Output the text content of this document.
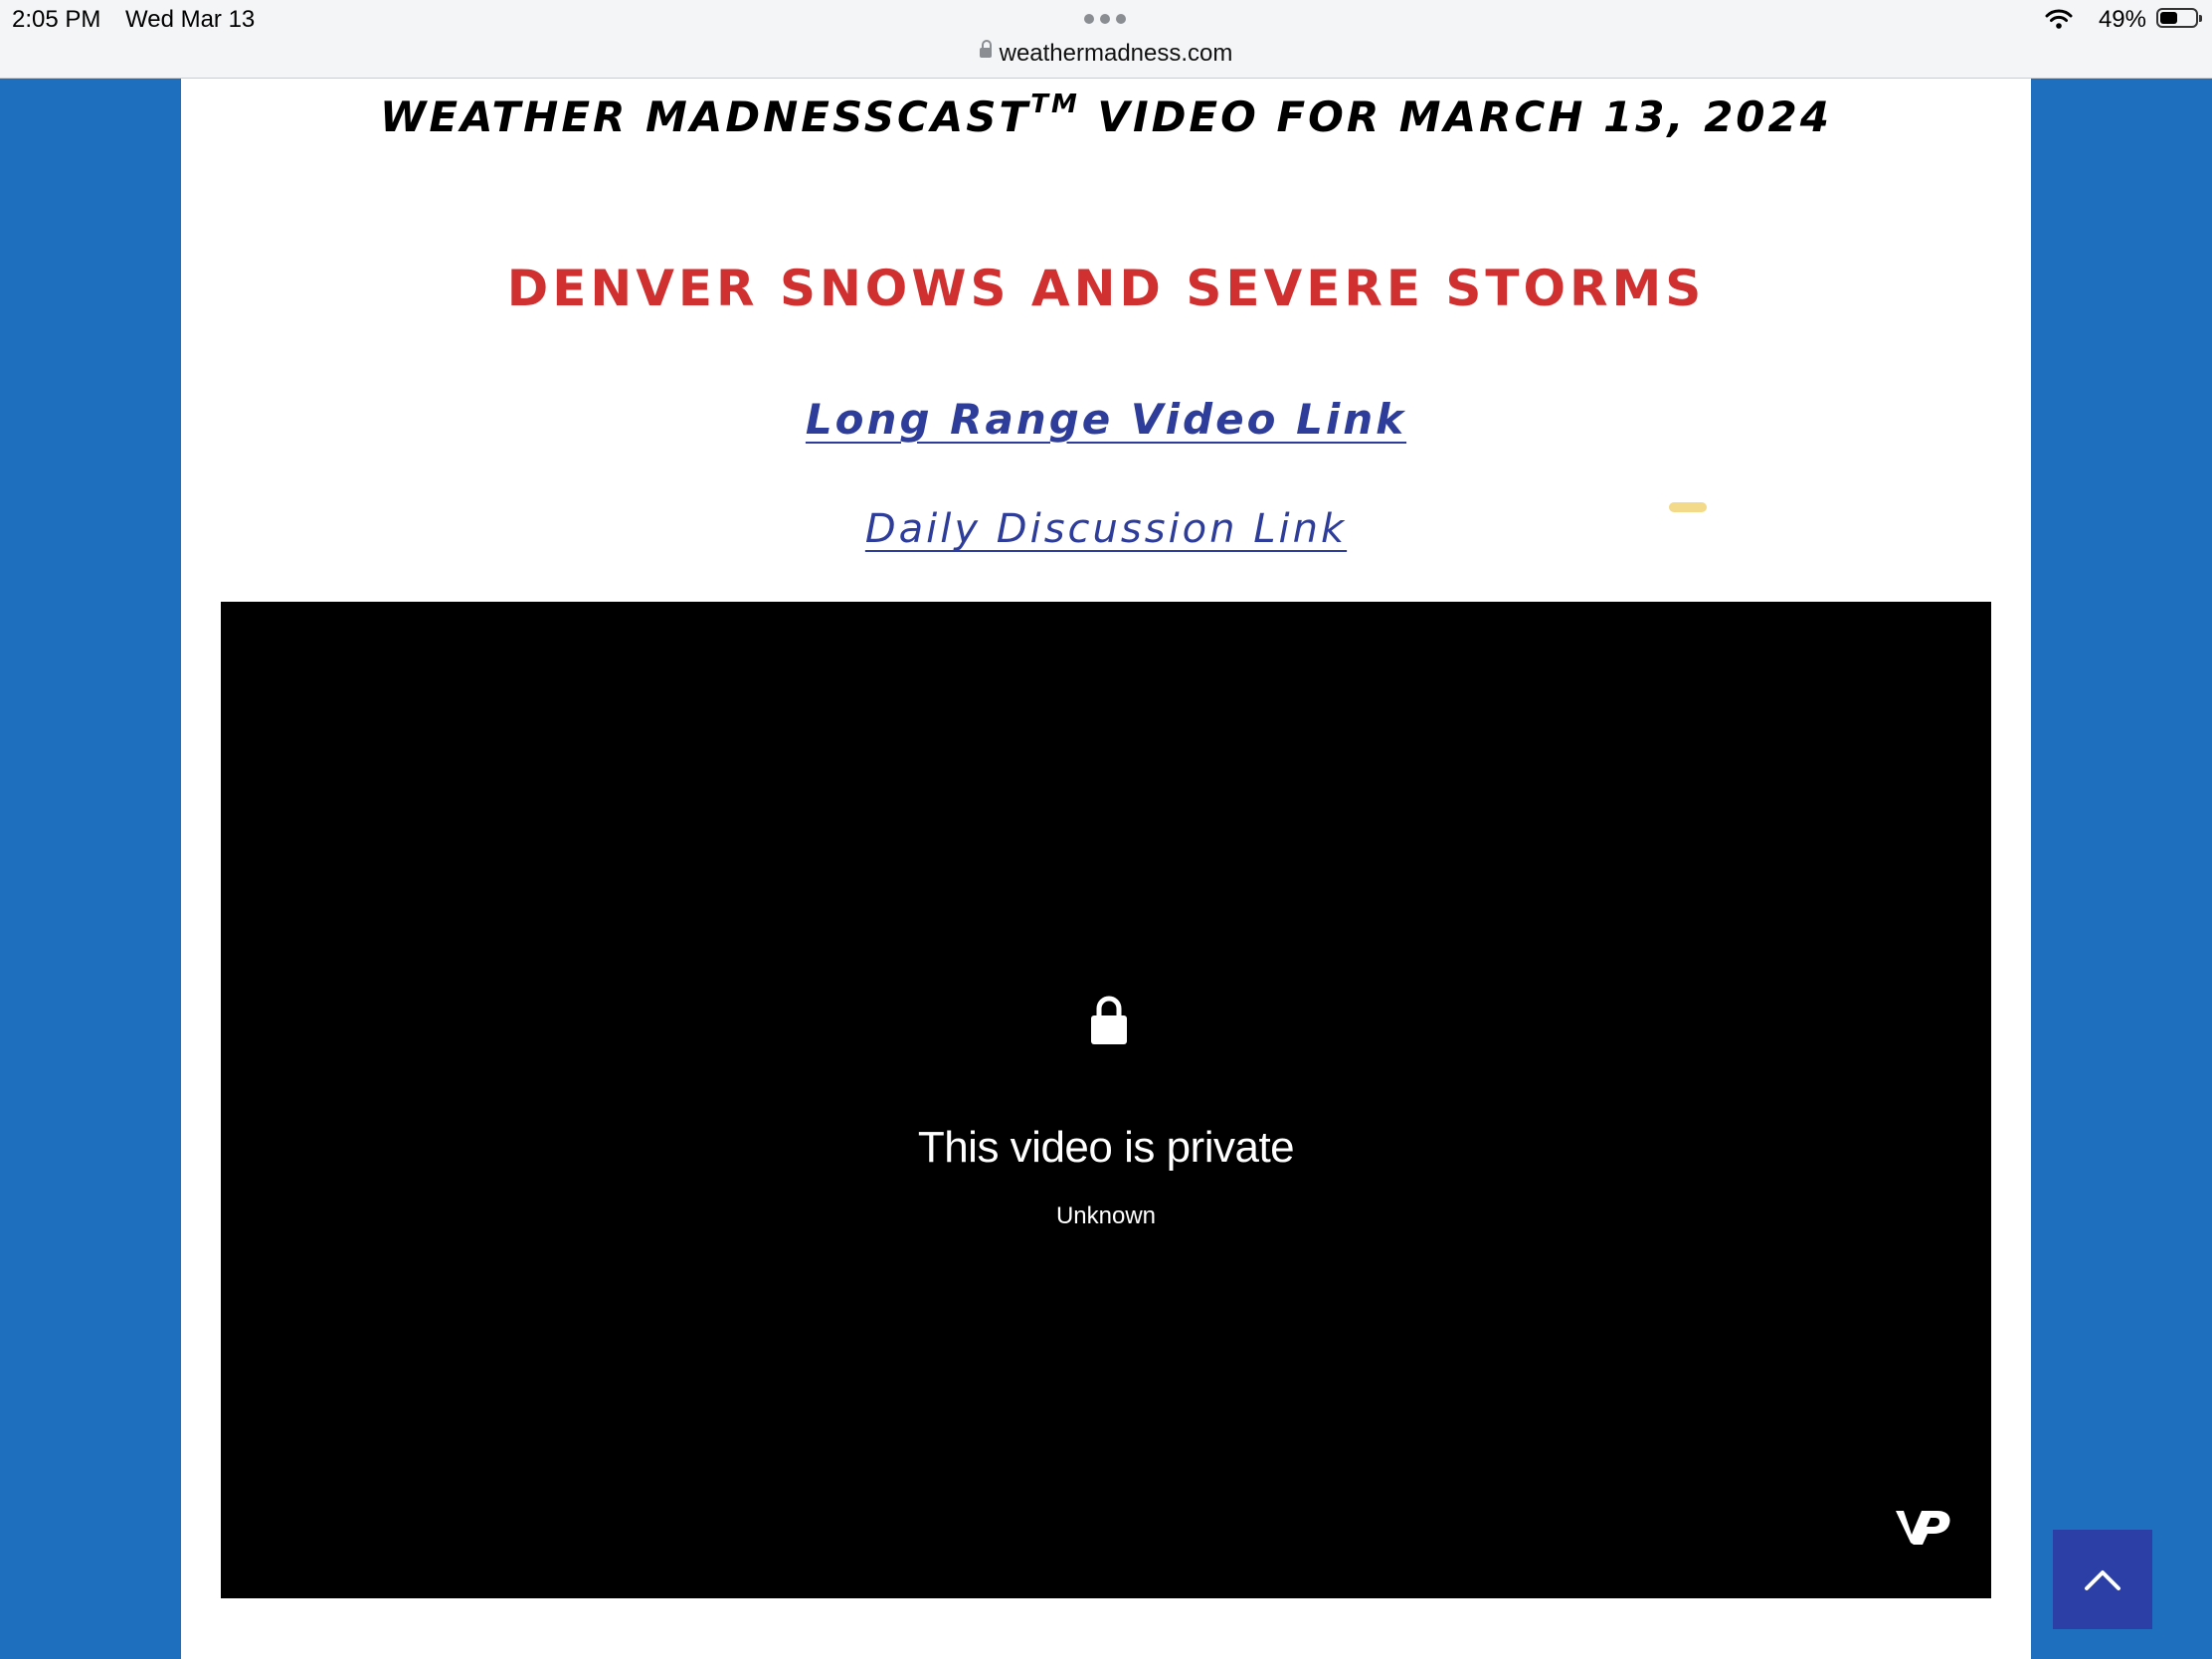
2:05 PM Wed Mar 13
weathermadness.com
49%
WEATHER MADNESSCAST™ VIDEO FOR MARCH 13, 2024
DENVER SNOWS AND SEVERE STORMS
Long Range Video Link
Daily Discussion Link
This video is private
Unknown
